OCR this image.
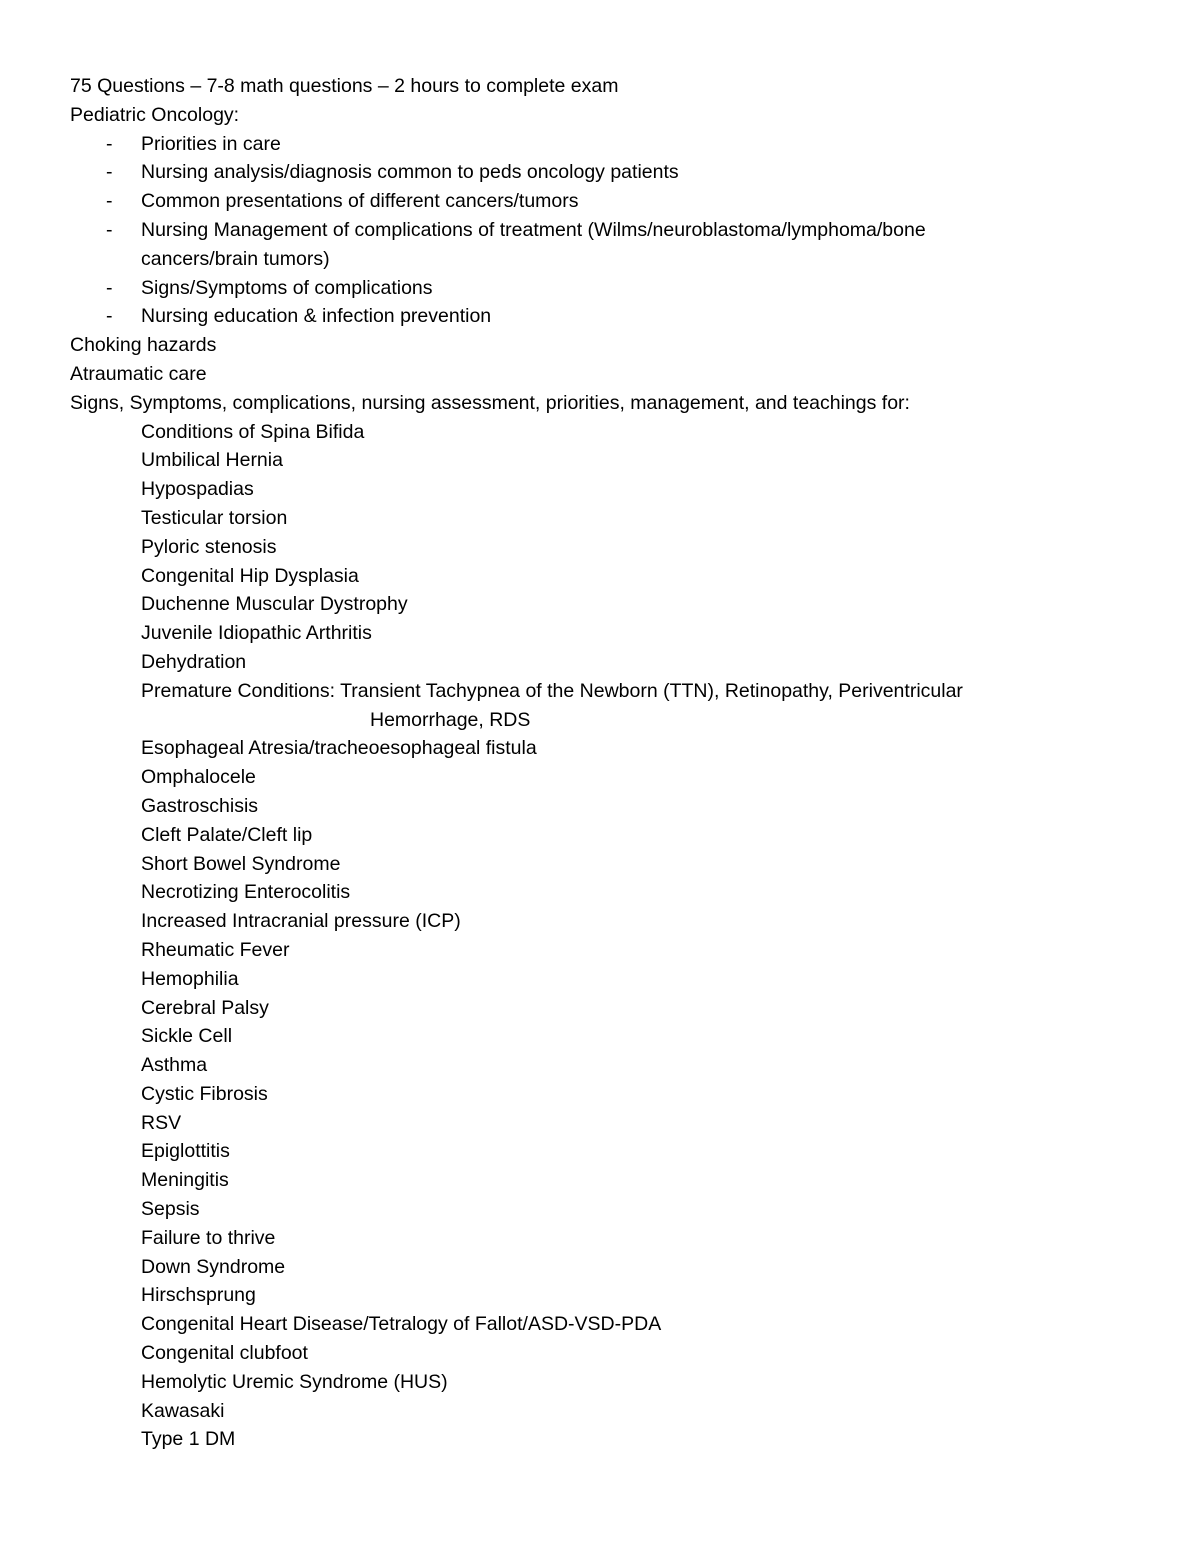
75 Questions – 7-8 math questions – 2 hours to complete exam
Pediatric Oncology:
- Priorities in care
- Nursing analysis/diagnosis common to peds oncology patients
- Common presentations of different cancers/tumors
- Nursing Management of complications of treatment (Wilms/neuroblastoma/lymphoma/bone cancers/brain tumors)
- Signs/Symptoms of complications
- Nursing education & infection prevention
Choking hazards
Atraumatic care
Signs, Symptoms, complications, nursing assessment, priorities, management, and teachings for:
Conditions of Spina Bifida
Umbilical Hernia
Hypospadias
Testicular torsion
Pyloric stenosis
Congenital Hip Dysplasia
Duchenne Muscular Dystrophy
Juvenile Idiopathic Arthritis
Dehydration
Premature Conditions: Transient Tachypnea of the Newborn (TTN), Retinopathy, Periventricular
Hemorrhage, RDS
Esophageal Atresia/tracheoesophageal fistula
Omphalocele
Gastroschisis
Cleft Palate/Cleft lip
Short Bowel Syndrome
Necrotizing Enterocolitis
Increased Intracranial pressure (ICP)
Rheumatic Fever
Hemophilia
Cerebral Palsy
Sickle Cell
Asthma
Cystic Fibrosis
RSV
Epiglottitis
Meningitis
Sepsis
Failure to thrive
Down Syndrome
Hirschsprung
Congenital Heart Disease/Tetralogy of Fallot/ASD-VSD-PDA
Congenital clubfoot
Hemolytic Uremic Syndrome (HUS)
Kawasaki
Type 1 DM
